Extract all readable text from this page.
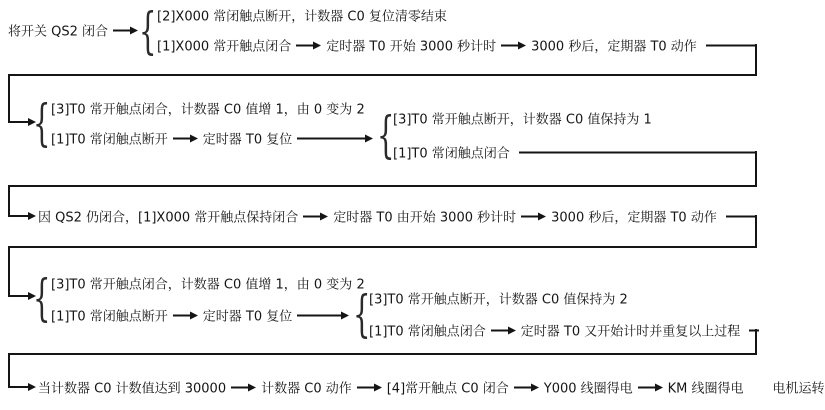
将开关 QS2 闭合 { [2]X000 常闭触点断开，计数器 C0 复位清零结束
[1]X000 常开触点闭合	定时器 T0 开始 3000 秒计时	3000 秒后，定期器 T0 动作
{ [3]T0 常开触点闭合，计数器 C0 值增 1，由 0 变为 2
[1]T0 常闭触点断开	定时器 T0 复位 {
[3]T0 常开触点断开，计数器 C0 值保持为 1
[1]T0 常闭触点闭合
因 QS2 仍闭合，[1]X000 常开触点保持闭合	定时器 T0 由开始 3000 秒计时	3000 秒后，定期器 T0 动作
{ [3]T0 常开触点闭合，计数器 C0 值增 1，由 0 变为 2
[1]T0 常闭触点断开	定时器 T0 复位 {
[3]T0 常开触点断开，计数器 C0 值保持为 2
[1]T0 常闭触点闭合	定时器 T0 又开始计时并重复以上过程
当计数器 C0 计数值达到 30000	计数器 C0 动作	[4]常开触点 C0 闭合	Y000 线圈得电	KM 线圈得电 电机运转
